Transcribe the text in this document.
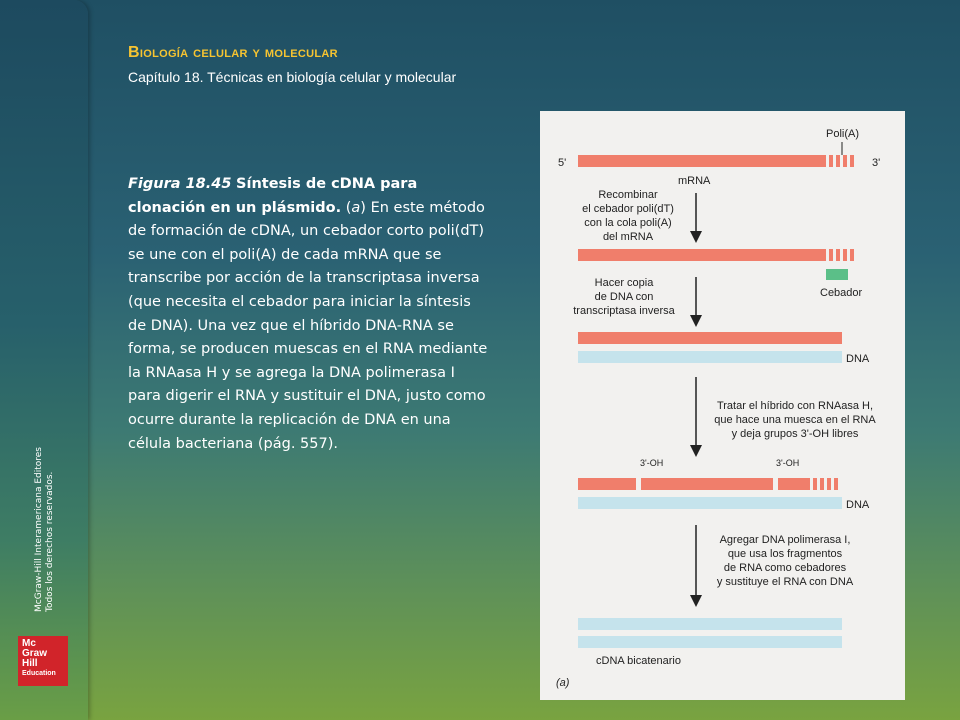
McGraw-Hill Interamericana Editores Todos los derechos reservados.
Mc
Graw
Hill
Education
Biología celular y molecular
Capítulo 18. Técnicas en biología celular y molecular
Figura 18.45 Síntesis de cDNA para clonación en un plásmido. (a) En este método de formación de cDNA, un cebador corto poli(dT) se une con el poli(A) de cada mRNA que se transcribe por acción de la transcriptasa inversa (que necesita el cebador para iniciar la síntesis de DNA). Una vez que el híbrido DNA-RNA se forma, se producen muescas en el RNA mediante la RNAasa H y se agrega la DNA polimerasa I para digerir el RNA y sustituir el DNA, justo como ocurre durante la replicación de DNA en una célula bacteriana (pág. 557).
Poli(A)
5'	3'
mRNA
Recombinar
el cebador poli(dT)
con la cola poli(A)
del mRNA
Cebador
Hacer copia
de DNA con
transcriptasa inversa
DNA
Tratar el híbrido con RNAasa H,
que hace una muesca en el RNA
y deja grupos 3'-OH libres
3'-OH	3'-OH
DNA
Agregar DNA polimerasa I,
que usa los fragmentos
de RNA como cebadores
y sustituye el RNA con DNA
cDNA bicatenario
(a)
